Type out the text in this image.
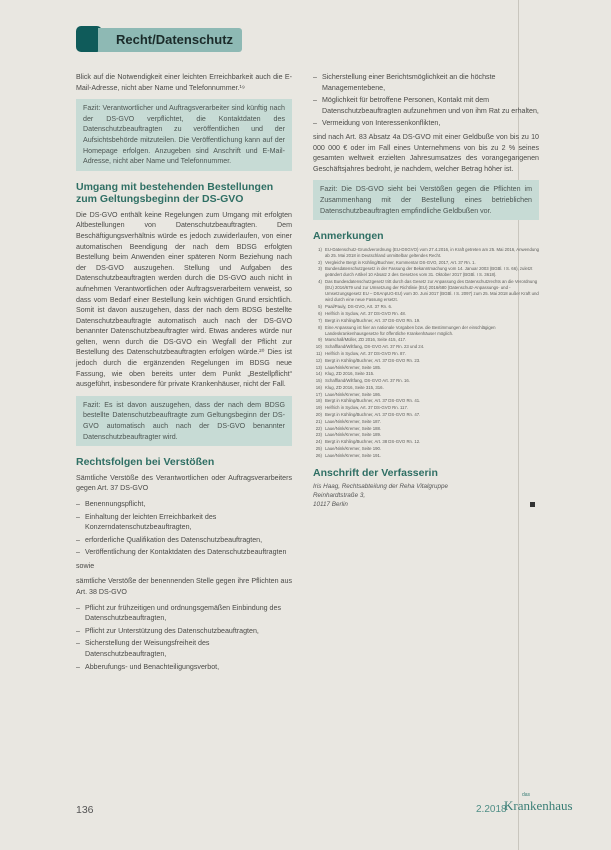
Recht/Datenschutz

Blick auf die Notwendigkeit einer leichten Erreichbarkeit auch die E-Mail-Adresse, nicht aber Name und Telefonnummer.¹⁹

Fazit: Verantwortlicher und Auftragsverarbeiter sind künftig nach der DS-GVO verpflichtet, die Kontaktdaten des Datenschutzbeauftragten zu veröffentlichen und der Aufsichtsbehörde mitzuteilen. Die Veröffentlichung kann auf der Homepage erfolgen. Anzugeben sind Anschrift und E-Mail-Adresse, nicht aber Name und Telefonnummer.

Umgang mit bestehenden Bestellungen zum Geltungsbeginn der DS-GVO

Die DS-GVO enthält keine Regelungen zum Umgang mit erfolgten Altbestellungen von Datenschutzbeauftragten. Dem Beschäftigungsverhältnis würde es jedoch zuwiderlaufen, von einer automatischen Beendigung der nach dem BDSG erfolgten Bestellung beim Anwenden einer späteren Norm Beziehung nach der DS-GVO auszugehen. Stellung und Aufgaben des Datenschutzbeauftragten werden durch die DS-GVO auch nicht in aufnehmen Verantwortlichen oder Auftragsverarbeitern verweist, so dass vom Bedarf einer Bestellung kein wichtigen Grund ersichtlich. Somit ist davon auszugehen, dass der nach dem BDSG bestellte Datenschutzbeauftragte automatisch auch nach der DS-GVO benannter Datenschutzbeauftragter wird. Etwas anderes würde nur gelten, wenn durch die DS-GVO ein Wegfall der Pflicht zur Bestellung des Datenschutzbeauftragten erfolgen würde.²⁰ Dies ist jedoch durch die ergänzenden Regelungen im BDSG neue Fassung, wie oben bereits unter dem Punkt „Bestellpflicht“ ausgeführt, insbesondere für private Krankenhäuser, nicht der Fall.

Fazit: Es ist davon auszugehen, dass der nach dem BDSG bestellte Datenschutzbeauftragte zum Geltungsbeginn der DS-GVO automatisch auch nach der DS-GVO benannter Datenschutzbeauftragter wird.

Rechtsfolgen bei Verstößen

Sämtliche Verstöße des Verantwortlichen oder Auftragsverarbeiters gegen Art. 37 DS-GVO

– Benennungspflicht,
– Einhaltung der leichten Erreichbarkeit des Konzerndatenschutzbeauftragten,
– erforderliche Qualifikation des Datenschutzbeauftragten,
– Veröffentlichung der Kontaktdaten des Datenschutzbeauftragten

sowie

sämtliche Verstöße der benennenden Stelle gegen ihre Pflichten aus Art. 38 DS-GVO

– Pflicht zur frühzeitigen und ordnungsgemäßen Einbindung des Datenschutzbeauftragten,
– Pflicht zur Unterstützung des Datenschutzbeauftragten,
– Sicherstellung der Weisungsfreiheit des Datenschutzbeauftragten,
– Abberufungs- und Benachteiligungsverbot,
– Sicherstellung einer Berichtsmöglichkeit an die höchste Managementebene,
– Möglichkeit für betroffene Personen, Kontakt mit dem Datenschutzbeauftragten aufzunehmen und von ihm Rat zu erhalten,
– Vermeidung von Interessenkonflikten,

sind nach Art. 83 Absatz 4a DS-GVO mit einer Geldbuße von bis zu 10 000 000 € oder im Fall eines Unternehmens von bis zu 2 % seines gesamten weltweit erzielten Jahresumsatzes des vorangegangenen Geschäftsjahres bedroht, je nachdem, welcher Betrag höher ist.

Fazit: Die DS-GVO sieht bei Verstößen gegen die Pflichten im Zusammenhang mit der Bestellung eines betrieblichen Datenschutzbeauftragten empfindliche Geldbußen vor.

Anmerkungen
1) EU-Datenschutz-Grundverordnung (EU-DSGVO) vom 27.4.2016, in Kraft getreten am 25. Mai 2016, Anwendung ab 25. Mai 2018 in Deutschland unmittelbar geltendes Recht.
2) Vergleiche Bergt in Kühling/Buchner, Kommentar DS-GVO, 2017, Art. 37 Rn. 1.
3) Bundesdatenschutzgesetz in der Fassung der Bekanntmachung vom 14. Januar 2003 (BGBl. I S. 66), zuletzt geändert durch Artikel 10 Absatz 2 des Gesetzes vom 31. Oktober 2017 (BGBl. I S. 3618).
4) Das Bundesdatenschutzgesetz tritt durch das Gesetz zur Anpassung des Datenschutzrechts an die Verordnung (EU) 2016/679 und zur Umsetzung der Richtlinie (EU) 2016/680 (Datenschutz-Anpassungs- und -Umsetzungsgesetz EU – DSAnpUG-EU) vom 30. Juni 2017 (BGBl. I S. 2097) zum 25. Mai 2018 außer Kraft und wird durch eine neue Fassung ersetzt.
5) Paal/Pauly, DS-GVO, Art. 37 Rn. 6.
6) Helfrich in Sydow, Art. 37 DS-GVO Rn. 48.
7) Bergt in Kühling/Buchner, Art. 37 DS-GVO Rn. 19.
8) Eine Anpassung ist hier an nationale Vorgaben bzw. die Bestimmungen der einschlägigen Landeskrankenhausgesetze für öffentliche Krankenhäuser möglich.
9) Marschall/Müller, ZD 2016, Seite 415, 417.
10) Schaffland/Wiltfang, DS-GVO Art. 37 Rn. 23 und 24.
11) Helfrich in Sydow, Art. 37 DS-GVO Rn. 87.
12) Bergt in Kühling/Buchner, Art. 37 DS-GVO Rn. 23.
13) Laue/Nink/Kremer, Seite 185.
14) Klug, ZD 2016, Seite 315.
15) Schaffland/Wiltfang, DS-GVO Art. 37 Rn. 16.
16) Klug, ZD 2016, Seite 315, 316.
17) Laue/Nink/Kremer, Seite 186.
18) Bergt in Kühling/Buchner, Art. 37 DS-GVO Rn. 41.
19) Helfrich in Sydow, Art. 37 DS-GVO Rn. 117.
20) Bergt in Kühling/Buchner, Art. 37 DS-GVO Rn. 47.
21) Laue/Nink/Kremer, Seite 187.
22) Laue/Nink/Kremer, Seite 188.
23) Laue/Nink/Kremer, Seite 189.
24) Bergt in Kühling/Buchner, Art. 38 DS-GVO Rn. 12.
25) Laue/Nink/Kremer, Seite 190.
26) Laue/Nink/Kremer, Seite 191.
Anschrift der Verfasserin
Iris Haag, Rechtsabteilung der Reha Vitalgruppe
Reinhardtstraße 3,
10117 Berlin
136	2.2018
das
Krankenhaus
